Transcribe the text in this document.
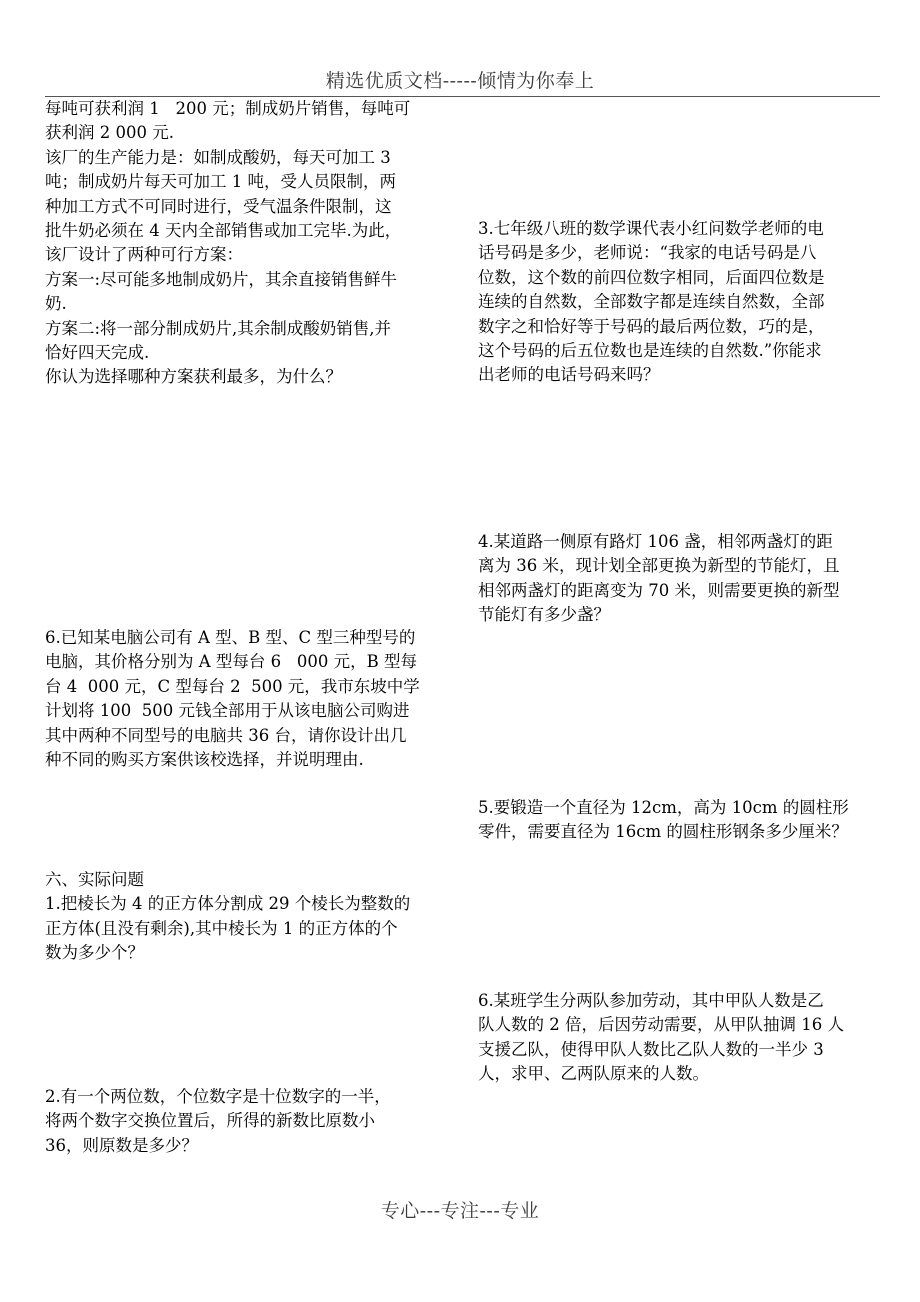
精选优质文档-----倾情为你奉上

每吨可获利润 1   200 元；制成奶片销售，每吨可

获利润 2 000 元.

该厂的生产能力是：如制成酸奶，每天可加工 3

吨；制成奶片每天可加工 1 吨，受人员限制，两

种加工方式不可同时进行，受气温条件限制，这

批牛奶必须在 4 天内全部销售或加工完毕.为此，

该厂设计了两种可行方案：

方案一:尽可能多地制成奶片，其余直接销售鲜牛

奶.

方案二:将一部分制成奶片,其余制成酸奶销售,并

恰好四天完成.

你认为选择哪种方案获利最多，为什么？

6.已知某电脑公司有 A 型、B 型、C 型三种型号的

电脑，其价格分别为 A 型每台 6   000 元，B 型每

台 4  000 元，C 型每台 2  500 元，我市东坡中学

计划将 100  500 元钱全部用于从该电脑公司购进

其中两种不同型号的电脑共 36 台，请你设计出几

种不同的购买方案供该校选择，并说明理由.

六、实际问题

1.把棱长为 4 的正方体分割成 29 个棱长为整数的

正方体(且没有剩余),其中棱长为 1 的正方体的个

数为多少个？

2.有一个两位数，个位数字是十位数字的一半，

将两个数字交换位置后，所得的新数比原数小

36，则原数是多少？

3.七年级八班的数学课代表小红问数学老师的电

话号码是多少，老师说：“我家的电话号码是八

位数，这个数的前四位数字相同，后面四位数是

连续的自然数，全部数字都是连续自然数，全部

数字之和恰好等于号码的最后两位数，巧的是，

这个号码的后五位数也是连续的自然数.”你能求

出老师的电话号码来吗？

4.某道路一侧原有路灯 106 盏，相邻两盏灯的距

离为 36 米，现计划全部更换为新型的节能灯，且

相邻两盏灯的距离变为 70 米，则需要更换的新型

节能灯有多少盏？

5.要锻造一个直径为 12cm，高为 10cm 的圆柱形

零件，需要直径为 16cm 的圆柱形钢条多少厘米？

6.某班学生分两队参加劳动，其中甲队人数是乙

队人数的 2 倍，后因劳动需要，从甲队抽调 16 人

支援乙队，使得甲队人数比乙队人数的一半少 3

人，求甲、乙两队原来的人数。

专心---专注---专业
